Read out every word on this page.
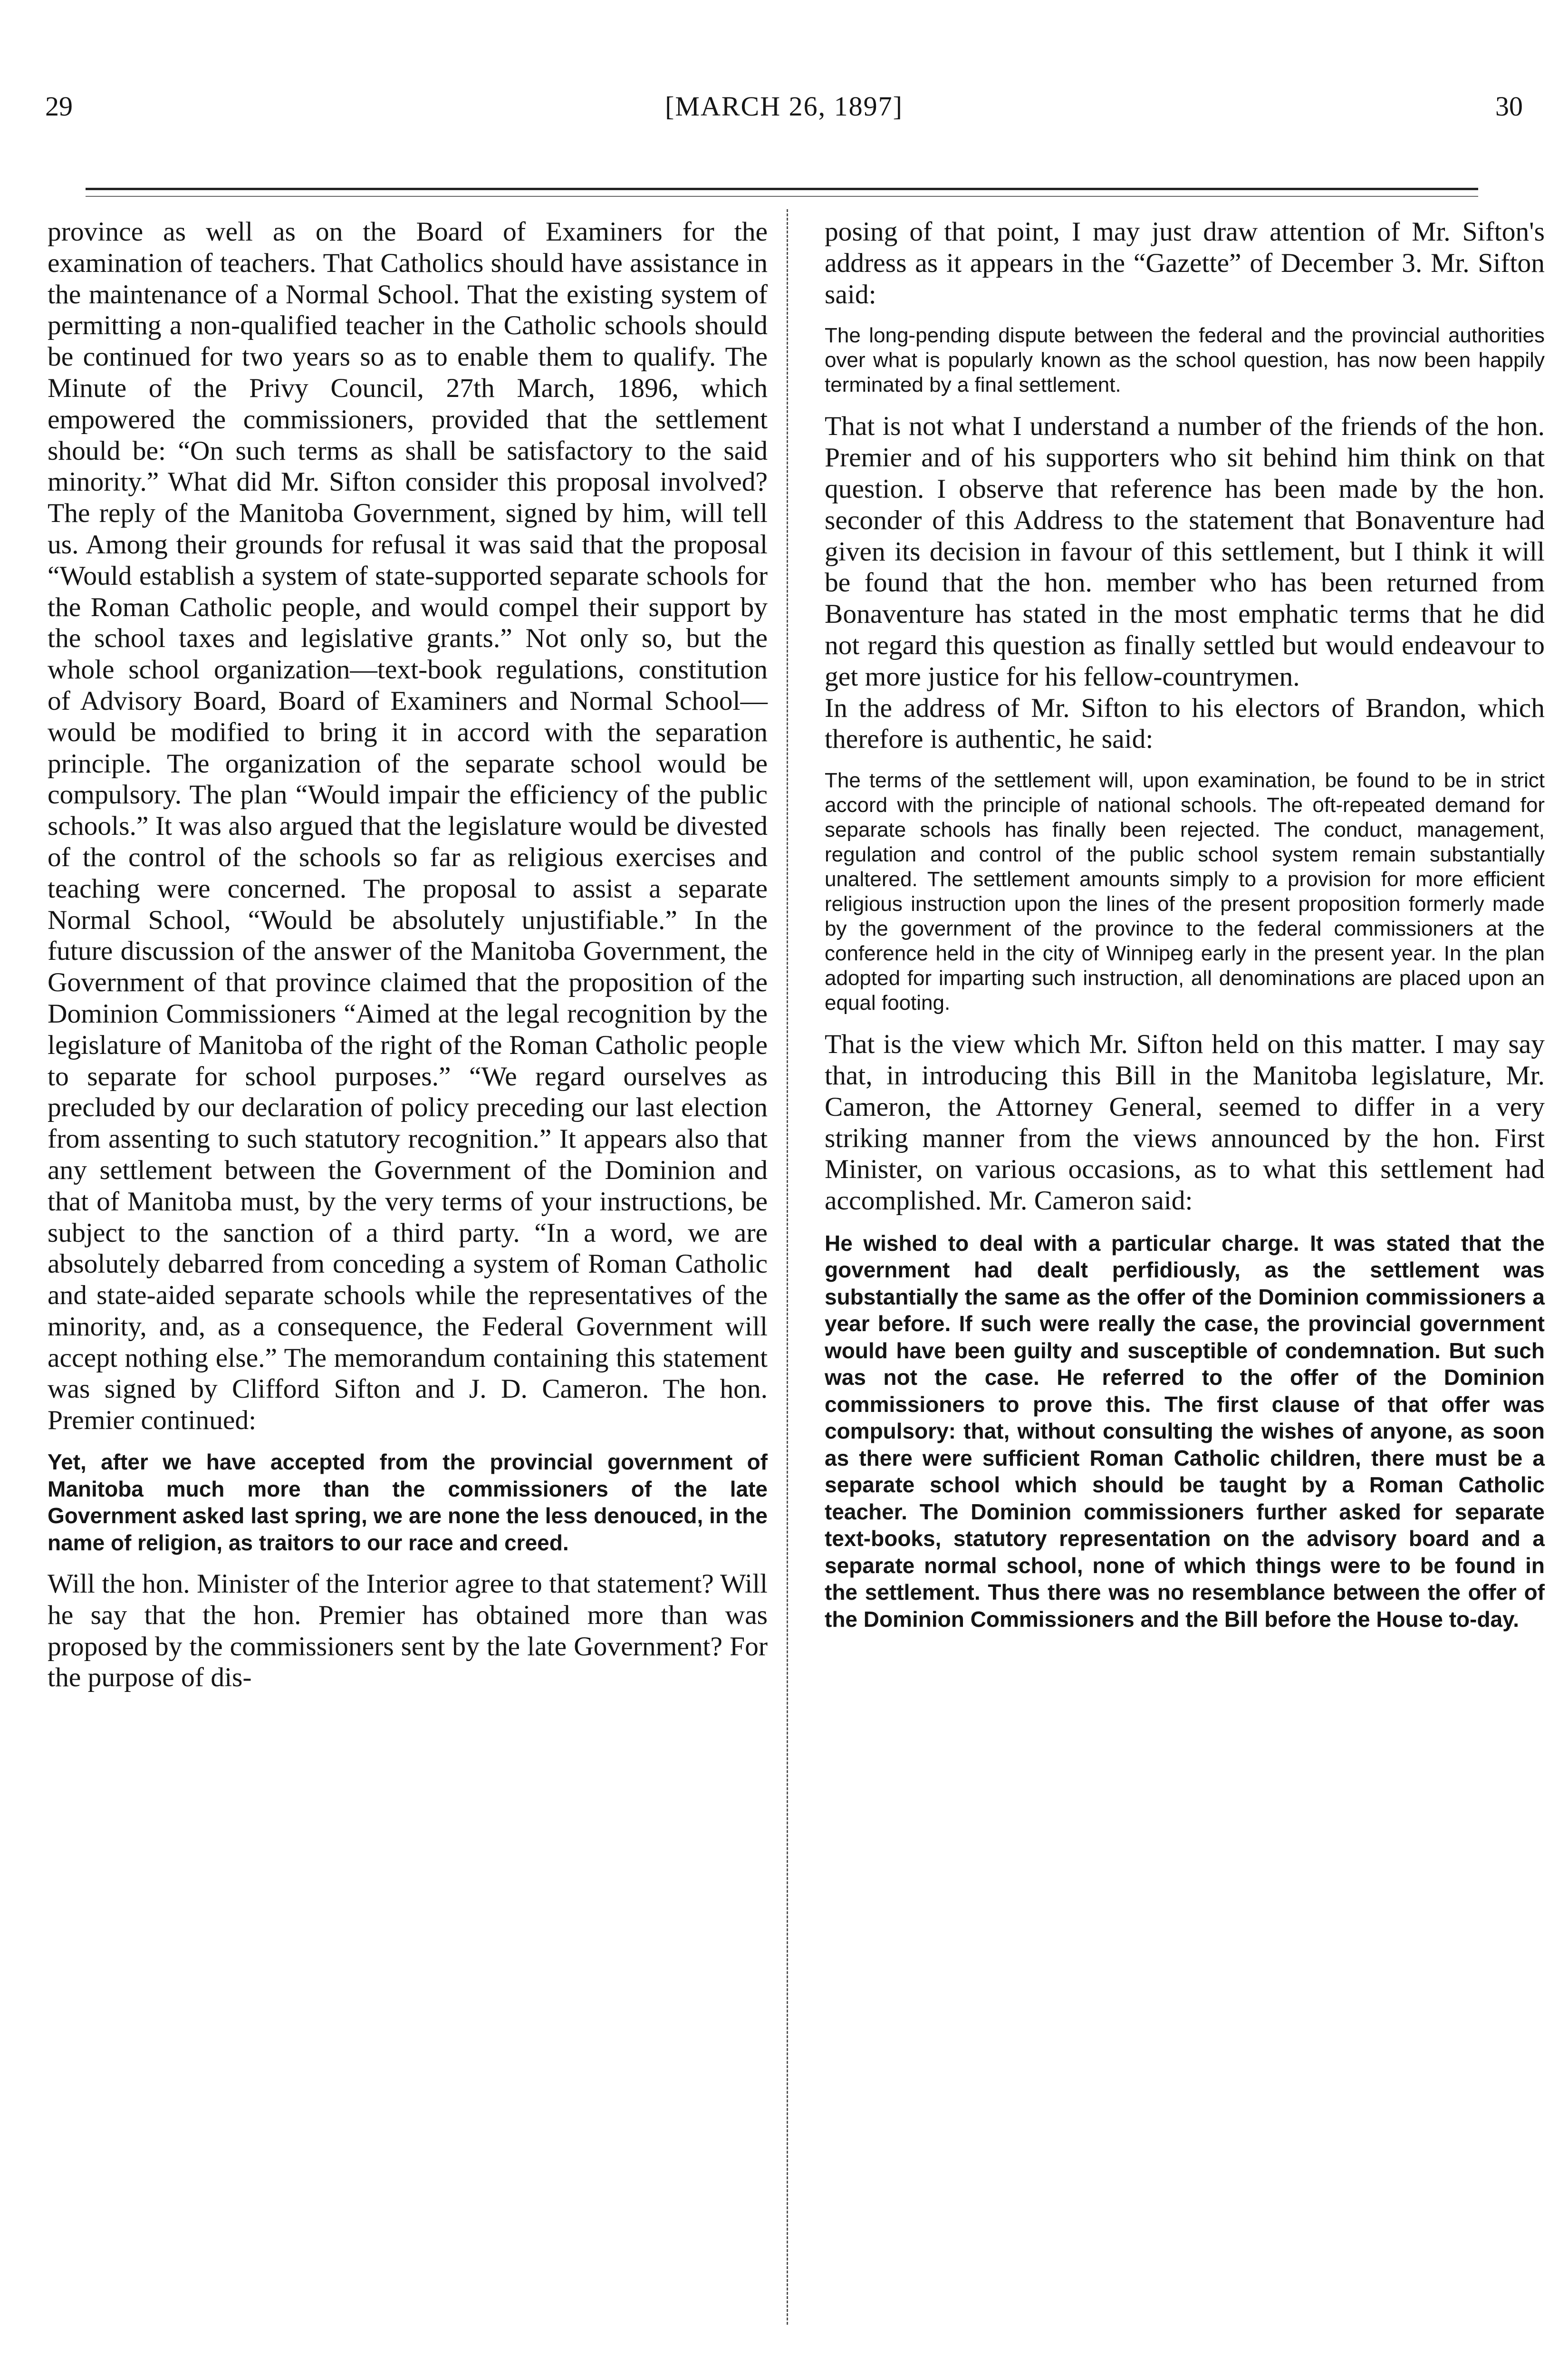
29	[MARCH 26, 1897]	30

province as well as on the Board of Examiners for the examination of teachers. That Catholics should have assistance in the maintenance of a Normal School. That the existing system of permitting a non-qualified teacher in the Catholic schools should be continued for two years so as to enable them to qualify. The Minute of the Privy Council, 27th March, 1896, which empowered the commissioners, provided that the settlement should be: “On such terms as shall be satisfactory to the said minority.” What did Mr. Sifton consider this proposal involved? The reply of the Manitoba Government, signed by him, will tell us. Among their grounds for refusal it was said that the proposal “Would establish a system of state-supported separate schools for the Roman Catholic people, and would compel their support by the school taxes and legislative grants.” Not only so, but the whole school organization—text-book regulations, constitution of Advisory Board, Board of Examiners and Normal School—would be modified to bring it in accord with the separation principle. The organization of the separate school would be compulsory. The plan “Would impair the efficiency of the public schools.” It was also argued that the legislature would be divested of the control of the schools so far as religious exercises and teaching were concerned. The proposal to assist a separate Normal School, “Would be absolutely unjustifiable.” In the future discussion of the answer of the Manitoba Government, the Government of that province claimed that the proposition of the Dominion Commissioners “Aimed at the legal recognition by the legislature of Manitoba of the right of the Roman Catholic people to separate for school purposes.” “We regard ourselves as precluded by our declaration of policy preceding our last election from assenting to such statutory recognition.” It appears also that any settlement between the Government of the Dominion and that of Manitoba must, by the very terms of your instructions, be subject to the sanction of a third party. “In a word, we are absolutely debarred from conceding a system of Roman Catholic and state-aided separate schools while the representatives of the minority, and, as a consequence, the Federal Government will accept nothing else.” The memorandum containing this statement was signed by Clifford Sifton and J. D. Cameron. The hon. Premier continued:

Yet, after we have accepted from the provincial government of Manitoba much more than the commissioners of the late Government asked last spring, we are none the less denouced, in the name of religion, as traitors to our race and creed.

Will the hon. Minister of the Interior agree to that statement? Will he say that the hon. Premier has obtained more than was proposed by the commissioners sent by the late Government? For the purpose of dis-

posing of that point, I may just draw attention of Mr. Sifton's address as it appears in the “Gazette” of December 3. Mr. Sifton said:

The long-pending dispute between the federal and the provincial authorities over what is popularly known as the school question, has now been happily terminated by a final settlement.

That is not what I understand a number of the friends of the hon. Premier and of his supporters who sit behind him think on that question. I observe that reference has been made by the hon. seconder of this Address to the statement that Bonaventure had given its decision in favour of this settlement, but I think it will be found that the hon. member who has been returned from Bonaventure has stated in the most emphatic terms that he did not regard this question as finally settled but would endeavour to get more justice for his fellow-countrymen.

In the address of Mr. Sifton to his electors of Brandon, which therefore is authentic, he said:

The terms of the settlement will, upon examination, be found to be in strict accord with the principle of national schools. The oft-repeated demand for separate schools has finally been rejected. The conduct, management, regulation and control of the public school system remain substantially unaltered. The settlement amounts simply to a provision for more efficient religious instruction upon the lines of the present proposition formerly made by the government of the province to the federal commissioners at the conference held in the city of Winnipeg early in the present year. In the plan adopted for imparting such instruction, all denominations are placed upon an equal footing.

That is the view which Mr. Sifton held on this matter. I may say that, in introducing this Bill in the Manitoba legislature, Mr. Cameron, the Attorney General, seemed to differ in a very striking manner from the views announced by the hon. First Minister, on various occasions, as to what this settlement had accomplished. Mr. Cameron said:

He wished to deal with a particular charge. It was stated that the government had dealt perfidiously, as the settlement was substantially the same as the offer of the Dominion commissioners a year before. If such were really the case, the provincial government would have been guilty and susceptible of condemnation. But such was not the case. He referred to the offer of the Dominion commissioners to prove this. The first clause of that offer was compulsory: that, without consulting the wishes of anyone, as soon as there were sufficient Roman Catholic children, there must be a separate school which should be taught by a Roman Catholic teacher. The Dominion commissioners further asked for separate text-books, statutory representation on the advisory board and a separate normal school, none of which things were to be found in the settlement. Thus there was no resemblance between the offer of the Dominion Commissioners and the Bill before the House to-day.
